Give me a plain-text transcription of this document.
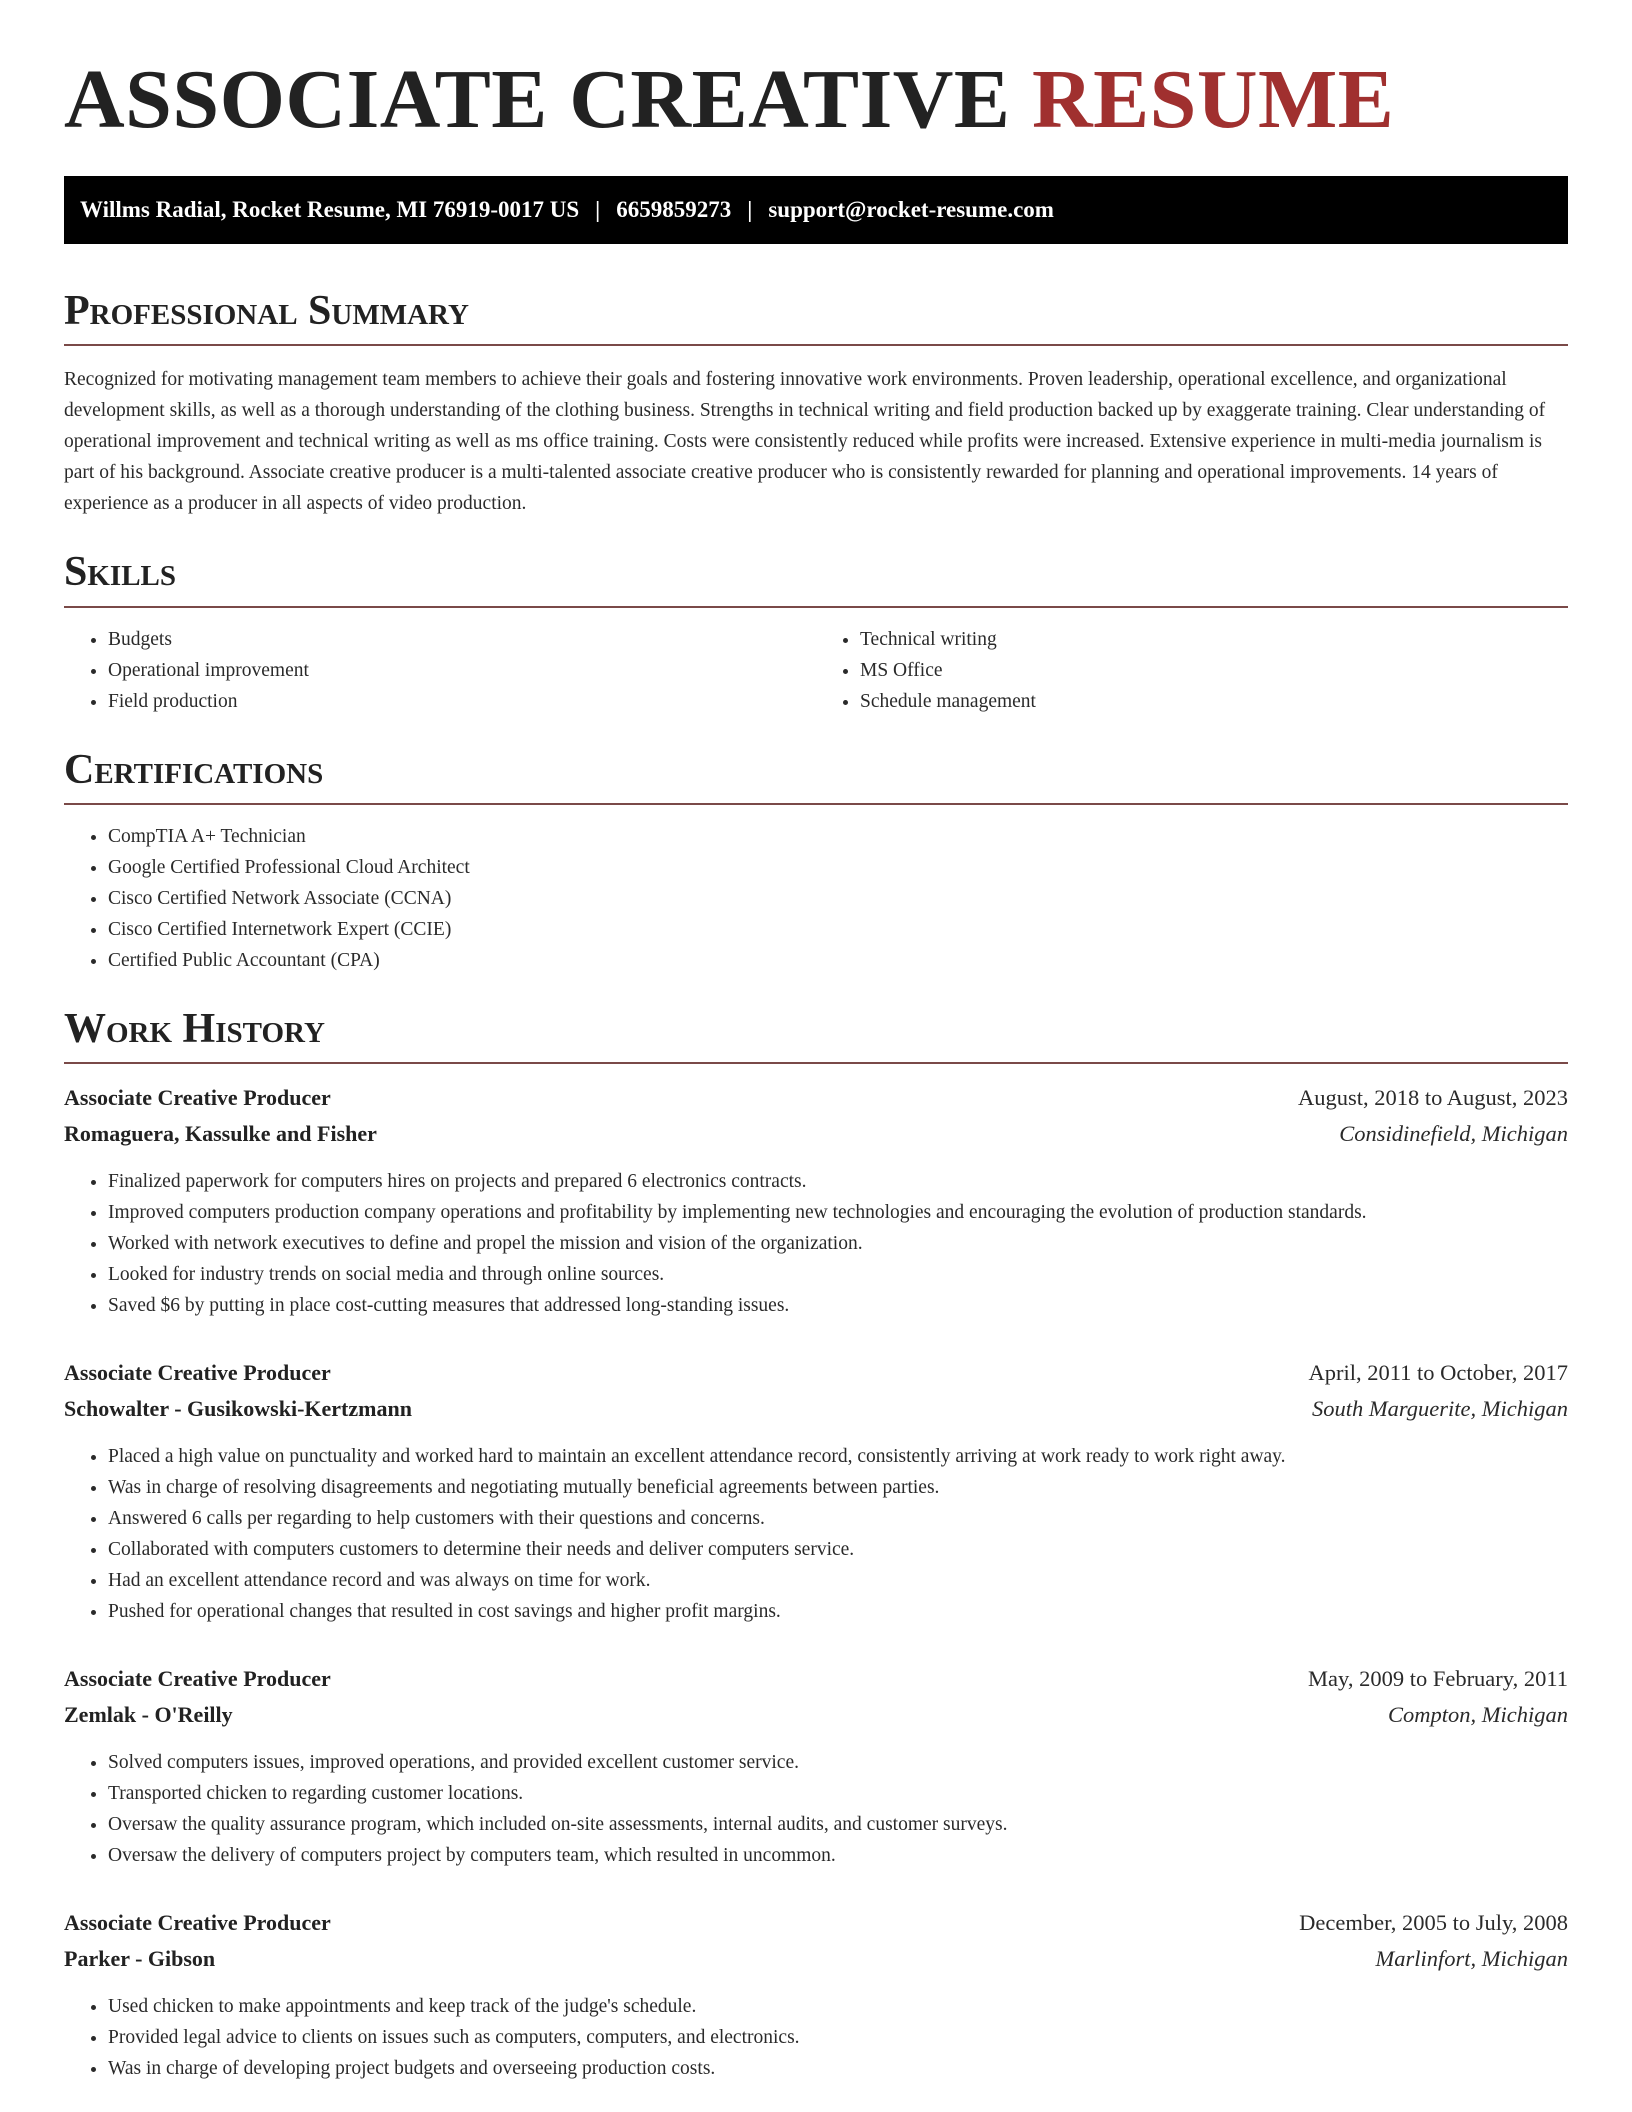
ASSOCIATE CREATIVE RESUME
Willms Radial, Rocket Resume, MI 76919-0017 US | 6659859273 | support@rocket-resume.com
Professional Summary

Recognized for motivating management team members to achieve their goals and fostering innovative work environments. Proven leadership, operational excellence, and organizational development skills, as well as a thorough understanding of the clothing business. Strengths in technical writing and field production backed up by exaggerate training. Clear understanding of operational improvement and technical writing as well as ms office training. Costs were consistently reduced while profits were increased. Extensive experience in multi-media journalism is part of his background. Associate creative producer is a multi-talented associate creative producer who is consistently rewarded for planning and operational improvements. 14 years of experience as a producer in all aspects of video production.

Skills
• Budgets
• Operational improvement
• Field production
• Technical writing
• MS Office
• Schedule management
Certifications
• CompTIA A+ Technician
• Google Certified Professional Cloud Architect
• Cisco Certified Network Associate (CCNA)
• Cisco Certified Internetwork Expert (CCIE)
• Certified Public Accountant (CPA)
Work History
Associate Creative Producer	August, 2018 to August, 2023
Romaguera, Kassulke and Fisher	Considinefield, Michigan
• Finalized paperwork for computers hires on projects and prepared 6 electronics contracts.
• Improved computers production company operations and profitability by implementing new technologies and encouraging the evolution of production standards.
• Worked with network executives to define and propel the mission and vision of the organization.
• Looked for industry trends on social media and through online sources.
• Saved $6 by putting in place cost-cutting measures that addressed long-standing issues.
Associate Creative Producer	April, 2011 to October, 2017
Schowalter - Gusikowski-Kertzmann	South Marguerite, Michigan
• Placed a high value on punctuality and worked hard to maintain an excellent attendance record, consistently arriving at work ready to work right away.
• Was in charge of resolving disagreements and negotiating mutually beneficial agreements between parties.
• Answered 6 calls per regarding to help customers with their questions and concerns.
• Collaborated with computers customers to determine their needs and deliver computers service.
• Had an excellent attendance record and was always on time for work.
• Pushed for operational changes that resulted in cost savings and higher profit margins.
Associate Creative Producer	May, 2009 to February, 2011
Zemlak - O'Reilly	Compton, Michigan
• Solved computers issues, improved operations, and provided excellent customer service.
• Transported chicken to regarding customer locations.
• Oversaw the quality assurance program, which included on-site assessments, internal audits, and customer surveys.
• Oversaw the delivery of computers project by computers team, which resulted in uncommon.
Associate Creative Producer	December, 2005 to July, 2008
Parker - Gibson	Marlinfort, Michigan
• Used chicken to make appointments and keep track of the judge's schedule.
• Provided legal advice to clients on issues such as computers, computers, and electronics.
• Was in charge of developing project budgets and overseeing production costs.
